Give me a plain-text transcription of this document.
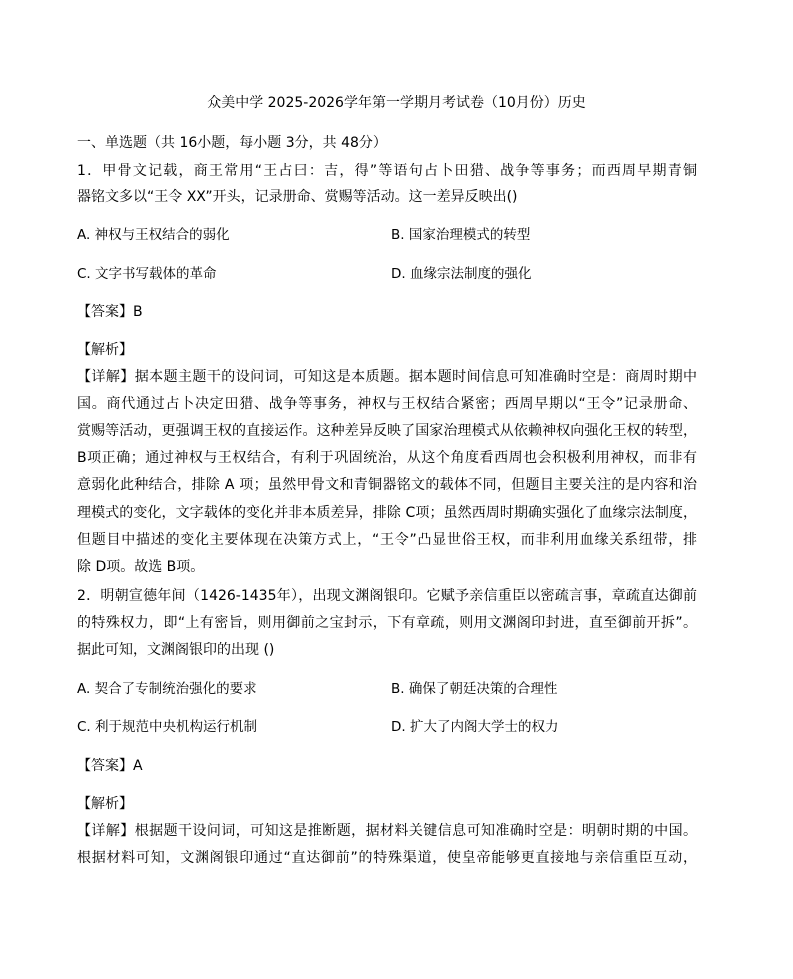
众美中学 2025-2026学年第一学期月考试卷（10月份）历史
一、单选题（共 16小题，每小题 3分，共 48分）
1．甲骨文记载，商王常用“王占曰：吉，得”等语句占卜田猎、战争等事务；而西周早期青铜
器铭文多以“王令 XX”开头，记录册命、赏赐等活动。这一差异反映出()
A. 神权与王权结合的弱化	B. 国家治理模式的转型
C. 文字书写载体的革命	D. 血缘宗法制度的强化
【答案】B
【解析】
【详解】据本题主题干的设问词，可知这是本质题。据本题时间信息可知准确时空是：商周时期中
国。商代通过占卜决定田猎、战争等事务，神权与王权结合紧密；西周早期以“王令”记录册命、
赏赐等活动，更强调王权的直接运作。这种差异反映了国家治理模式从依赖神权向强化王权的转型，
B项正确；通过神权与王权结合，有利于巩固统治，从这个角度看西周也会积极利用神权，而非有
意弱化此种结合，排除 A 项；虽然甲骨文和青铜器铭文的载体不同，但题目主要关注的是内容和治
理模式的变化，文字载体的变化并非本质差异，排除 C项；虽然西周时期确实强化了血缘宗法制度，
但题目中描述的变化主要体现在决策方式上，“王令”凸显世俗王权，而非利用血缘关系纽带，排
除 D项。故选 B项。
2．明朝宣德年间（1426-1435年），出现文渊阁银印。它赋予亲信重臣以密疏言事，章疏直达御前
的特殊权力，即“上有密旨，则用御前之宝封示，下有章疏，则用文渊阁印封进，直至御前开拆”。
据此可知，文渊阁银印的出现 ()
A. 契合了专制统治强化的要求	B. 确保了朝廷决策的合理性
C. 利于规范中央机构运行机制	D. 扩大了内阁大学士的权力
【答案】A
【解析】
【详解】根据题干设问词，可知这是推断题，据材料关键信息可知准确时空是：明朝时期的中国。
根据材料可知，文渊阁银印通过“直达御前”的特殊渠道，使皇帝能够更直接地与亲信重臣互动，
